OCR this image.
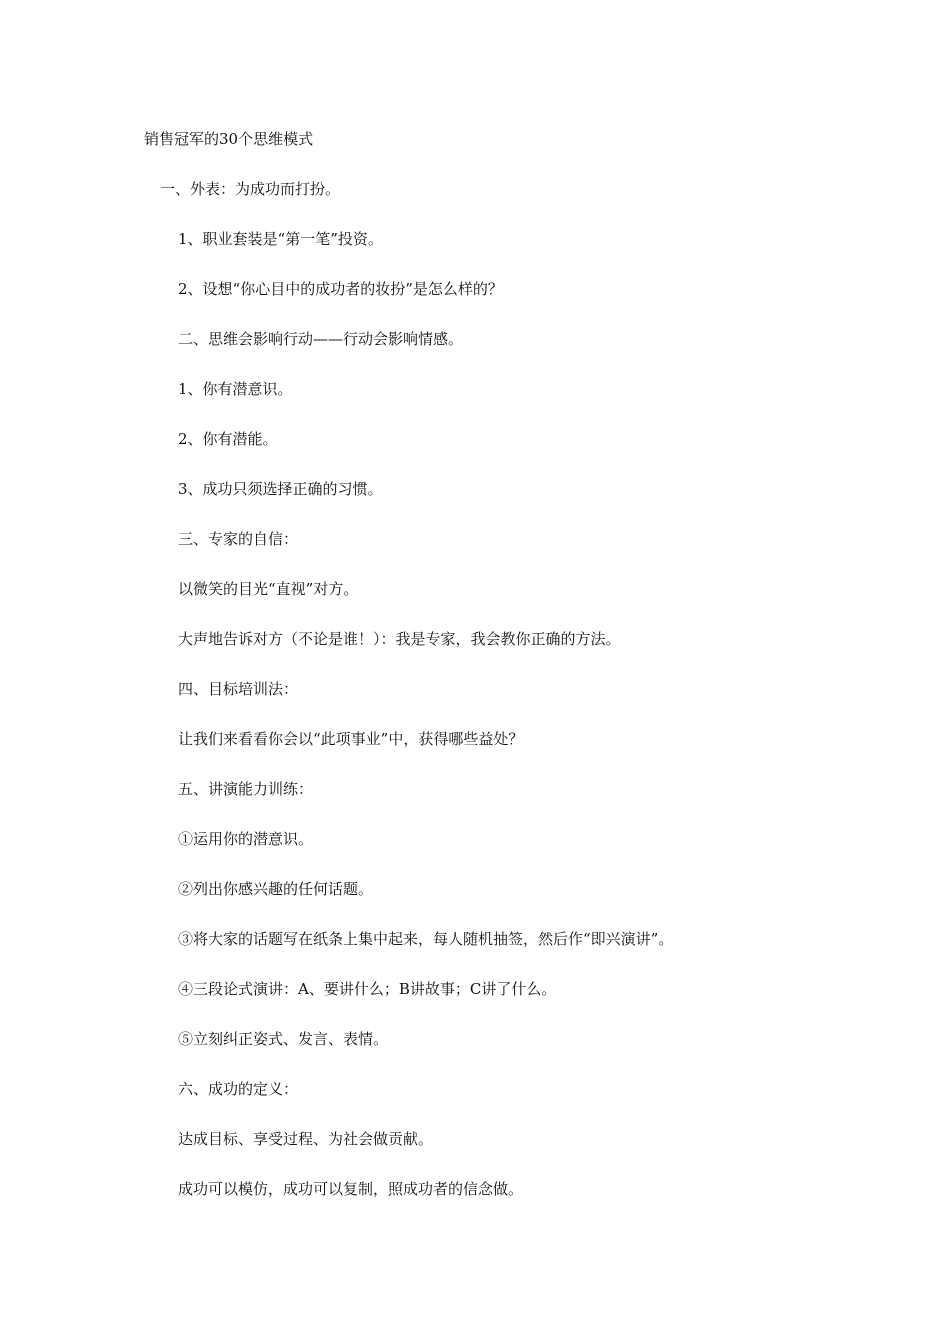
销售冠军的30个思维模式
一、外表：为成功而打扮。
1、职业套装是“第一笔”投资。
2、设想“你心目中的成功者的妆扮”是怎么样的？
二、思维会影响行动——行动会影响情感。
1、你有潜意识。
2、你有潜能。
3、成功只须选择正确的习惯。
三、专家的自信：
以微笑的目光“直视”对方。
大声地告诉对方（不论是谁！）：我是专家，我会教你正确的方法。
四、目标培训法：
让我们来看看你会以“此项事业”中，获得哪些益处？
五、讲演能力训练：
①运用你的潜意识。
②列出你感兴趣的任何话题。
③将大家的话题写在纸条上集中起来，每人随机抽签，然后作“即兴演讲”。
④三段论式演讲：A、要讲什么；B讲故事；C讲了什么。
⑤立刻纠正姿式、发言、表情。
六、成功的定义：
达成目标、享受过程、为社会做贡献。
成功可以模仿，成功可以复制，照成功者的信念做。
